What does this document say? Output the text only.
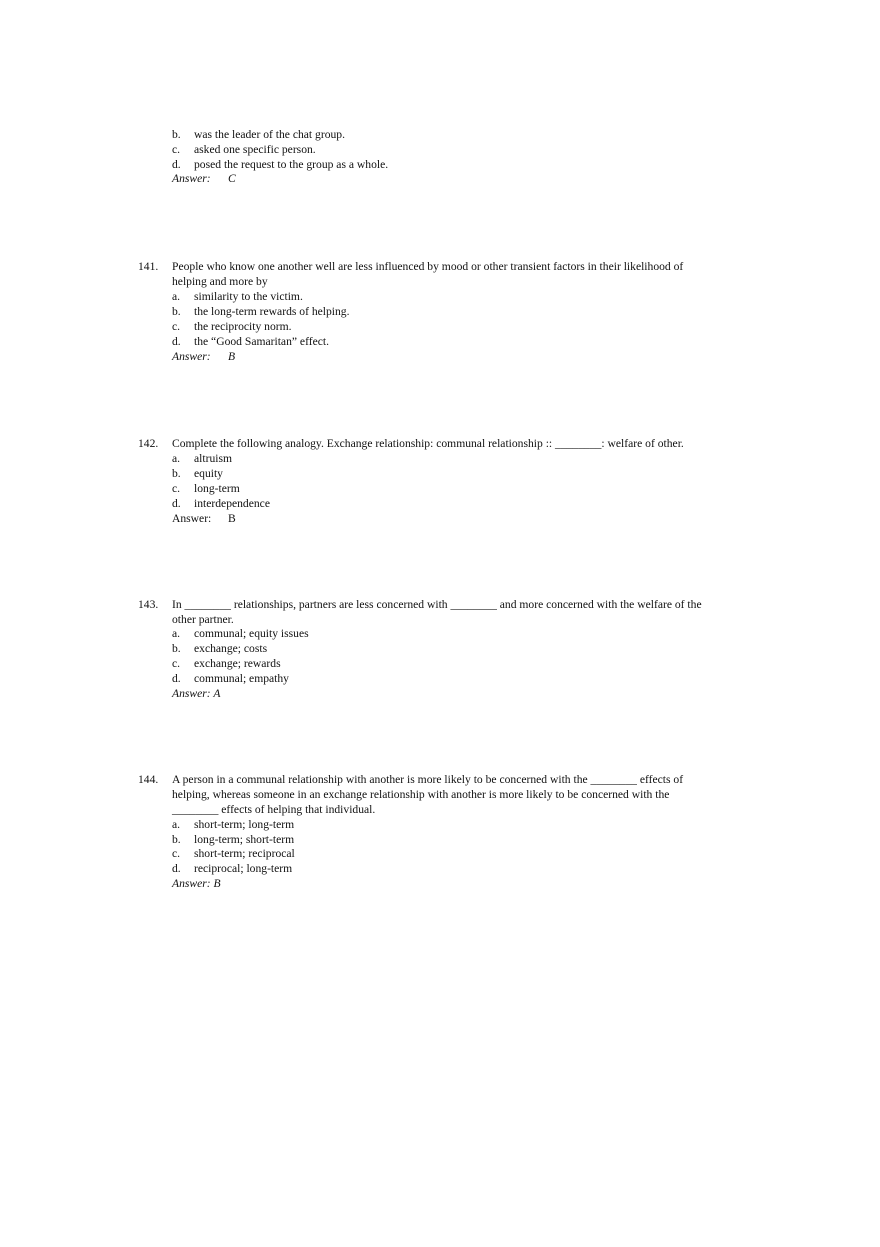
b. was the leader of the chat group.
c. asked one specific person.
d. posed the request to the group as a whole.
Answer: C
141. People who know one another well are less influenced by mood or other transient factors in their likelihood of
helping and more by
a. similarity to the victim.
b. the long-term rewards of helping.
c. the reciprocity norm.
d. the “Good Samaritan” effect.
Answer: B
142. Complete the following analogy. Exchange relationship: communal relationship :: ________: welfare of other.
a. altruism
b. equity
c. long-term
d. interdependence
Answer: B
143. In ________ relationships, partners are less concerned with ________ and more concerned with the welfare of the
other partner.
a. communal; equity issues
b. exchange; costs
c. exchange; rewards
d. communal; empathy
Answer: A
144. A person in a communal relationship with another is more likely to be concerned with the ________ effects of
helping, whereas someone in an exchange relationship with another is more likely to be concerned with the
________ effects of helping that individual.
a. short-term; long-term
b. long-term; short-term
c. short-term; reciprocal
d. reciprocal; long-term
Answer: B
